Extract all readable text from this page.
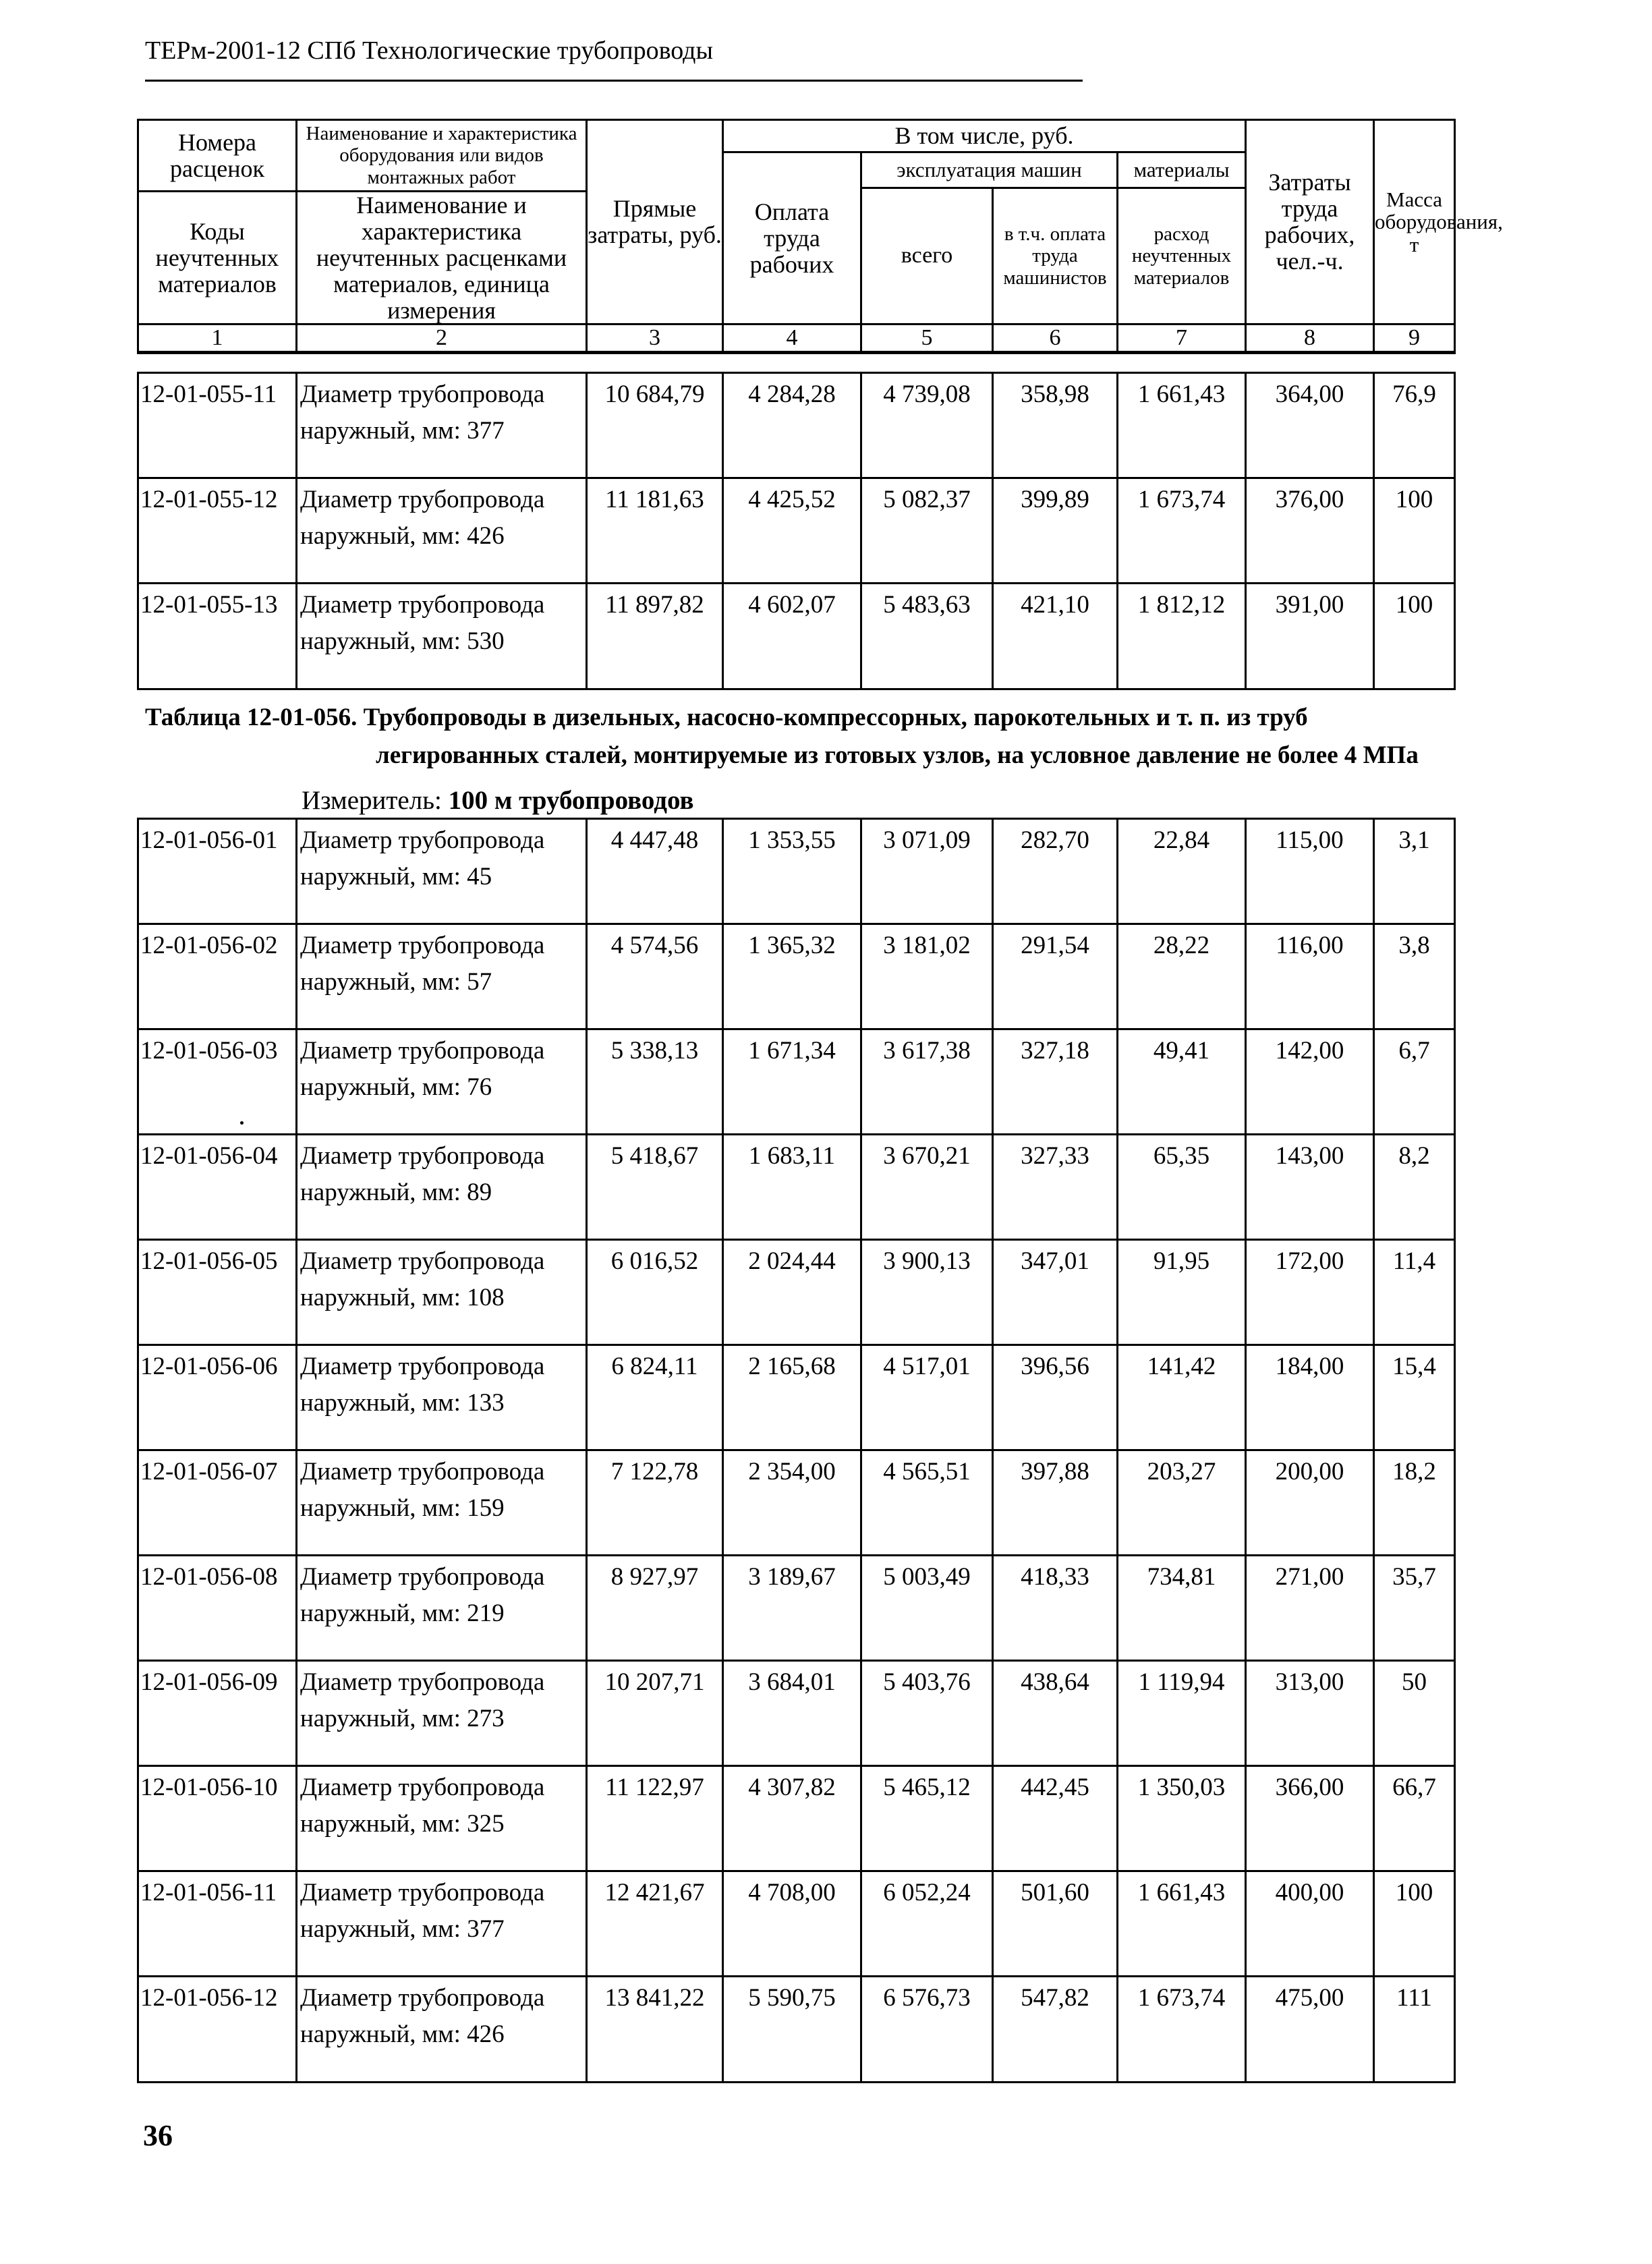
ТЕРм-2001-12 СПб Технологические трубопроводы
Номера расценок	Наименование и характеристика оборудования или видов монтажных работ	Прямые затраты, руб.	В том числе, руб.				Затраты труда рабочих, чел.-ч.	Масса оборудования, т
			Оплата труда рабочих	эксплуатация машин		материалы		
				всего	в т.ч. оплата труда машинистов	расход неучтенных материалов		
Коды неучтенных материалов	Наименование и характеристика неучтенных расценками материалов, единица измерения							

1	2	3	4	5	6	7	8	9
12-01-055-11	Диаметр трубопровода
наружный, мм: 377	10 684,79	4 284,28	4 739,08	358,98	1 661,43	364,00	76,9
12-01-055-12	Диаметр трубопровода
наружный, мм: 426	11 181,63	4 425,52	5 082,37	399,89	1 673,74	376,00	100
12-01-055-13	Диаметр трубопровода
наружный, мм: 530	11 897,82	4 602,07	5 483,63	421,10	1 812,12	391,00	100
Таблица 12-01-056. Трубопроводы в дизельных, насосно-компрессорных, парокотельных и т. п. из труб
легированных сталей, монтируемые из готовых узлов, на условное давление не более 4 МПа
Измеритель: 100 м трубопроводов
12-01-056-01	Диаметр трубопровода
наружный, мм: 45	4 447,48	1 353,55	3 071,09	282,70	22,84	115,00	3,1
12-01-056-02	Диаметр трубопровода
наружный, мм: 57	4 574,56	1 365,32	3 181,02	291,54	28,22	116,00	3,8
12-01-056-03	Диаметр трубопровода
наружный, мм: 76	5 338,13	1 671,34	3 617,38	327,18	49,41	142,00	6,7
12-01-056-04	Диаметр трубопровода
наружный, мм: 89	5 418,67	1 683,11	3 670,21	327,33	65,35	143,00	8,2
12-01-056-05	Диаметр трубопровода
наружный, мм: 108	6 016,52	2 024,44	3 900,13	347,01	91,95	172,00	11,4
12-01-056-06	Диаметр трубопровода
наружный, мм: 133	6 824,11	2 165,68	4 517,01	396,56	141,42	184,00	15,4
12-01-056-07	Диаметр трубопровода
наружный, мм: 159	7 122,78	2 354,00	4 565,51	397,88	203,27	200,00	18,2
12-01-056-08	Диаметр трубопровода
наружный, мм: 219	8 927,97	3 189,67	5 003,49	418,33	734,81	271,00	35,7
12-01-056-09	Диаметр трубопровода
наружный, мм: 273	10 207,71	3 684,01	5 403,76	438,64	1 119,94	313,00	50
12-01-056-10	Диаметр трубопровода
наружный, мм: 325	11 122,97	4 307,82	5 465,12	442,45	1 350,03	366,00	66,7
12-01-056-11	Диаметр трубопровода
наружный, мм: 377	12 421,67	4 708,00	6 052,24	501,60	1 661,43	400,00	100
12-01-056-12	Диаметр трубопровода
наружный, мм: 426	13 841,22	5 590,75	6 576,73	547,82	1 673,74	475,00	111
36
